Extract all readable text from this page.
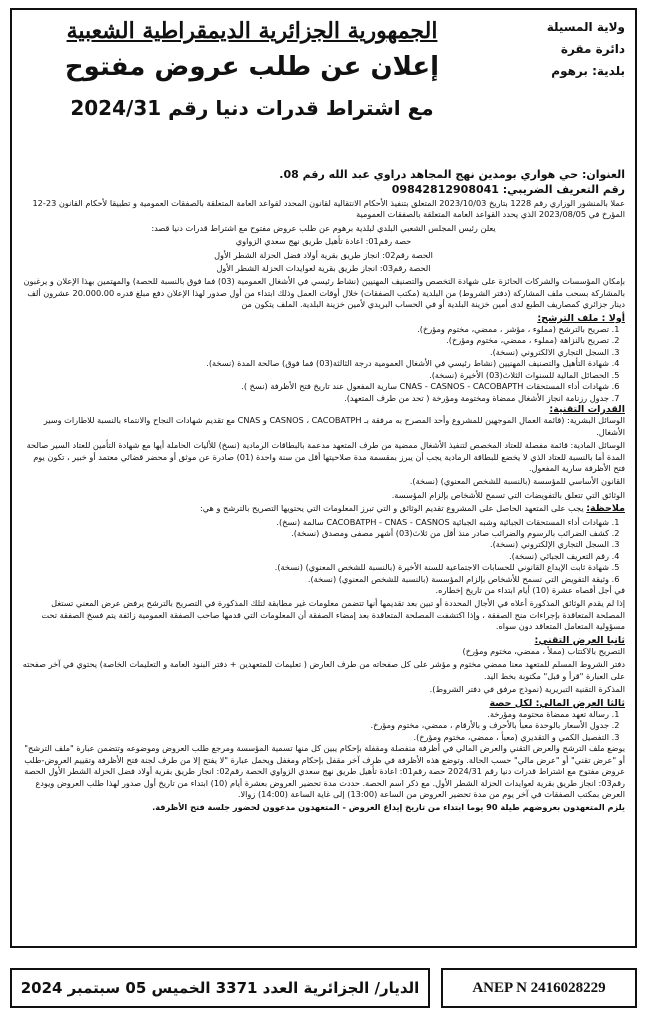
ولاية المسيلة
دائرة مقرة
بلدية: برهوم
الجمهورية الجزائرية الديمقراطية الشعبية
إعلان عن طلب عروض مفتوح
مع اشتراط قدرات دنيا رقم 2024/31
العنوان: حي هواري بومدين نهج المجاهد دراوي عبد الله رقم 08.
رقم التعريف الضريبي: 09842812908041

عملا بالمنشور الوزاري رقم 1228 بتاريخ 2023/10/03 المتعلق بتنفيذ الأحكام الانتقالية لقانون المحدد لقواعد العامة المتعلقة بالصفقات العمومية و تطبيقا لأحكام القانون 23-12 المؤرخ في 2023/08/05 الذي يحدد القواعد العامة المتعلقة بالصفقات العمومية

يعلن رئيس المجلس الشعبي البلدي لبلدية برهوم عن طلب عروض مفتوح مع اشتراط قدرات دنيا قصد:

حصة رقم01: اعادة تأهيل طريق نهج سعدي الزواوي

الحصة رقم02: انجاز طريق بقرية أولاد فضل الحزلة الشطر الأول

الحصة رقم03: انجاز طريق بقرية لعوايدات الحزلة الشطر الأول

بإمكان المؤسسات والشركات الحائزة على شهادة التخصص والتصنيف المهنيين (نشاط رئيسي في الأشغال العمومية (03) فما فوق بالنسبة للحصة) والمهتمين بهذا الإعلان و يرغبون بالمشاركة بسحب ملف المشاركة (دفتر الشروط) من البلدية (مكتب الصفقات) خلال أوقات العمل وذلك ابتداء من أول صدور لهذا الإعلان دفع مبلغ قدره 20.000.00 عشرون ألف دينار جزائري كمصاريف الطبع لدى أمين خزينة البلدية أو في الحساب البريدي لأمين خزينة البلدية. الملف يتكون من

أولا : ملف الترشح:
1. تصريح بالترشح (مملوء ، مؤشر ، ممضي، مختوم ومؤرخ).
2. تصريح بالنزاهة (مملوء ، ممضي، مختوم ومؤرخ).
3. السجل التجاري الالكتروني (نسخة).
4. شهادة التأهيل والتصنيف المهنيين (نشاط رئيسي في الأشغال العمومية درجة الثالثة(03) فما فوق) صالحة المدة (نسخة).
5. الحصائل المالية للسنوات الثلاث(03) الأخيرة (نسخة).
6. شهادات أداء المستحقات CNAS - CASNOS - CACOBAPTH سارية المفعول عند تاريخ فتح الأظرفة (نسخ ).
7. جدول رزنامة انجاز الأشغال ممضاة ومختومة ومؤرخة ( تحد من طرف المتعهد).
القدرات التقنية:

الوسائل البشرية: (قائمة العمال الموجهين للمشروع وأحد المصرح به مرفقة بـ CASNOS ، CACOBATPH و CNAS مع تقديم شهادات النجاح والانتماء بالنسبة للاطارات وسير الأشغال.

الوسائل المادية: قائمة مفصلة للعتاد المخصص لتنفيذ الأشغال ممضية من طرف المتعهد مدعمة بالبطاقات الرمادية (نسخ) للأليات الحاملة أيها مع شهادة التأمين للعتاد السير صالحة المدة أما بالنسبة للعتاد الذي لا يخضع للبطاقة الرمادية يجب أن يبرز بمقسمة مدة صلاحيتها أقل من سنة واحدة (01) صادرة عن موثق أو محضر قضائي معتمد أو خبير ، تكون يوم فتح الأظرفة سارية المفعول.

القانون الأساسي للمؤسسة (بالنسبة للشخص المعنوي) (نسخة).

الوثائق التي تتعلق بالتفويضات التي تسمح للأشخاص بإلزام المؤسسة.

ملاحظة: يجب على المتعهد الحاصل على المشروع تقديم الوثائق و التي تبرز المعلومات التي يحتويها التصريح بالترشح و هي:

1. شهادات أداء المستحقات الجبائية وشبه الجبائية CACOBATPH - CNAS - CASNOS سالمة (نسخ).
2. كشف الضرائب بالرسوم والضرائب صادر منذ أقل من ثلاث(03) أشهر مصفى ومصدق (نسخة).
3. السجل التجاري الإلكتروني (نسخة).
4. رقم التعريف الجبائي (نسخة).
5. شهادة ثابت الإيداع القانوني للحسابات الاجتماعية للسنة الأخيرة (بالنسبة للشخص المعنوي) (نسخة).
6. وثيقة التفويض التي تسمح للأشخاص بإلزام المؤسسة (بالنسبة للشخص المعنوي) (نسخة).

في أجل أقصاه عشرة (10) أيام ابتداء من تاريخ إخطاره.

إذا لم يقدم الوثائق المذكورة أعلاه في الأجال المحددة أو تبين بعد تقديمها أنها تتضمن معلومات غير مطابقة لتلك المذكورة في التصريح بالترشح يرفض عرض المعني تستغل المصلحة المتعاقدة بإجراءات منح الصفقة ، وإذا اكتشفت المصلحة المتعاقدة بعد إمضاء الصفقة أن المعلومات التي قدمها صاحب الصفقة العمومية زائفة يتم فسخ الصفقة تحت مسؤولية المتعامل المتعاقد دون سواه.

ثانيا العرض التقني:

التصريح بالاكتتاب (مملأ ، ممضي، مختوم ومؤرخ)

دفتر الشروط المسلم للمتعهد معنا ممضي مختوم و مؤشر على كل صفحاته من طرف العارض ( تعليمات للمتعهدين + دفتر البنود العامة و التعليمات الخاصة) يحتوي في آخر صفحته على العبارة "قرأ و قبل" مكتوبة بخط اليد.

المذكرة التقنية التبريرية (نموذج مرفق في دفتر الشروط).

ثالثا العرض المالي: لكل حصة
1. رسالة تعهد ممضاة محتومة ومؤرخة.
2. جدول الأسعار بالوحدة معبأ بالأحرف و بالأرقام ، ممضي، مختوم ومؤرخ.
3. التفصيل الكمي و التقديري (معبأ ، ممضي، مختوم ومؤرخ).

يوضع ملف الترشح والعرض التقني والعرض المالي في أظرفة منفصلة ومقفلة بإحكام يبين كل منها تسمية المؤسسة ومرجع طلب العروض وموضوعه وتتضمن عبارة "ملف الترشح" أو "عرض تقني" أو "عرض مالي" حسب الحالة. وتوضع هذه الأظرفة في ظرف آخر مقفل بإحكام ومغفل ويحمل عبارة "لا يفتح إلا من طرف لجنة فتح الأظرفة وتقييم العروض-طلب عروض مفتوح مع اشتراط قدرات دنيا رقم 2024/31 حصة رقم01: اعادة تأهيل طريق نهج سعدي الزواوي الحصة رقم02: انجاز طريق بقرية أولاد فضل الحزلة الشطر الأول الحصة رقم03: انجاز طريق بقرية لعوايدات الحزلة الشطر الأول. مع ذكر اسم الحصة. حددت مدة تحضير العروض بعشرة أيام (10) ابتداء من تاريخ أول صدور لهذا طلب العروض ويودع العرض بمكتب الصفقات في آخر يوم من مدة تحضير العروض من الساعة (13:00) إلى غاية الساعة (14:00) زوالا.

يلزم المتعهدون بعروضهم طيلة 90 يوما ابتداء من تاريخ إيداع العروض - المتعهدون مدعوون لحضور جلسة فتح الأظرفة.

الديار/ الجزائرية العدد 3371 الخميس 05 سبتمبر 2024	ANEP N 2416028229
